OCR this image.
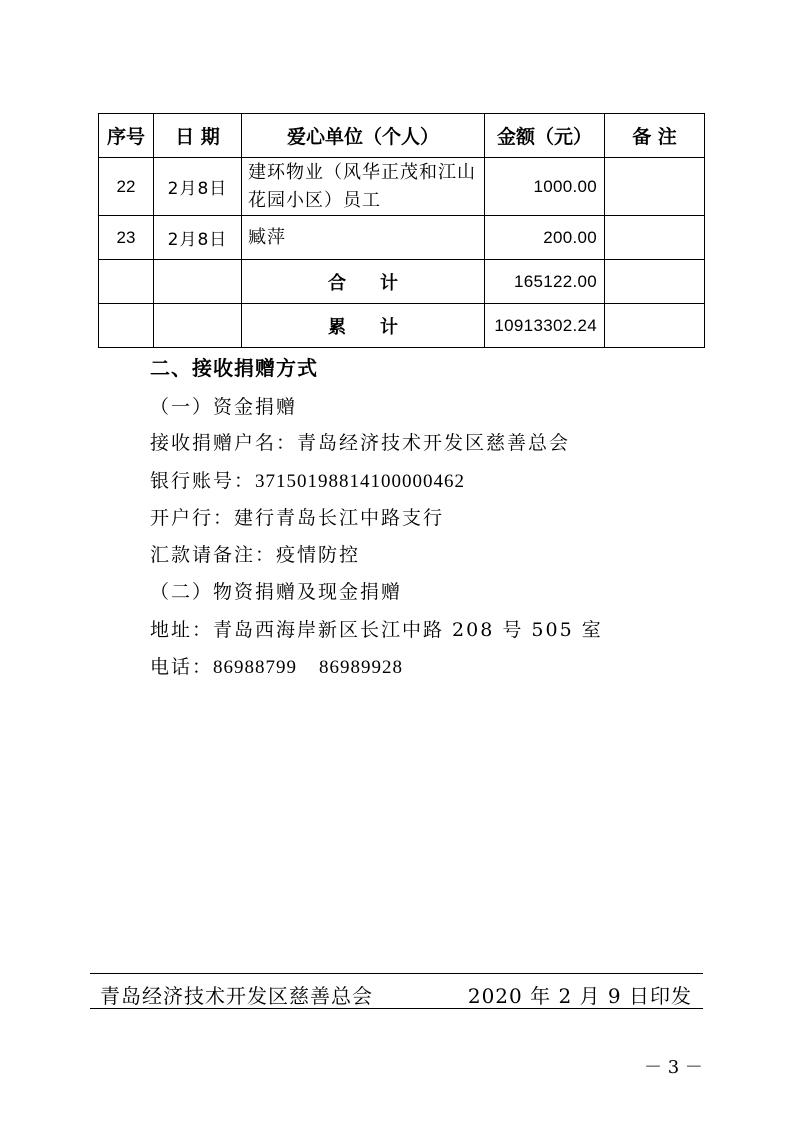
序号	日 期	爱心单位（个人）	金额（元）	备 注
22	2月8日	建环物业（风华正茂和江山花园小区）员工	1000.00	
23	2月8日	臧萍	200.00	
		合　计	165122.00	
		累　计	10913302.24	
二、接收捐赠方式
（一）资金捐赠
接收捐赠户名：青岛经济技术开发区慈善总会
银行账号：37150198814100000462
开户行：建行青岛长江中路支行
汇款请备注：疫情防控
（二）物资捐赠及现金捐赠
地址：青岛西海岸新区长江中路 208 号 505 室
电话：86988799 86989928
青岛经济技术开发区慈善总会	2020 年 2 月 9 日印发
－ 3 －
